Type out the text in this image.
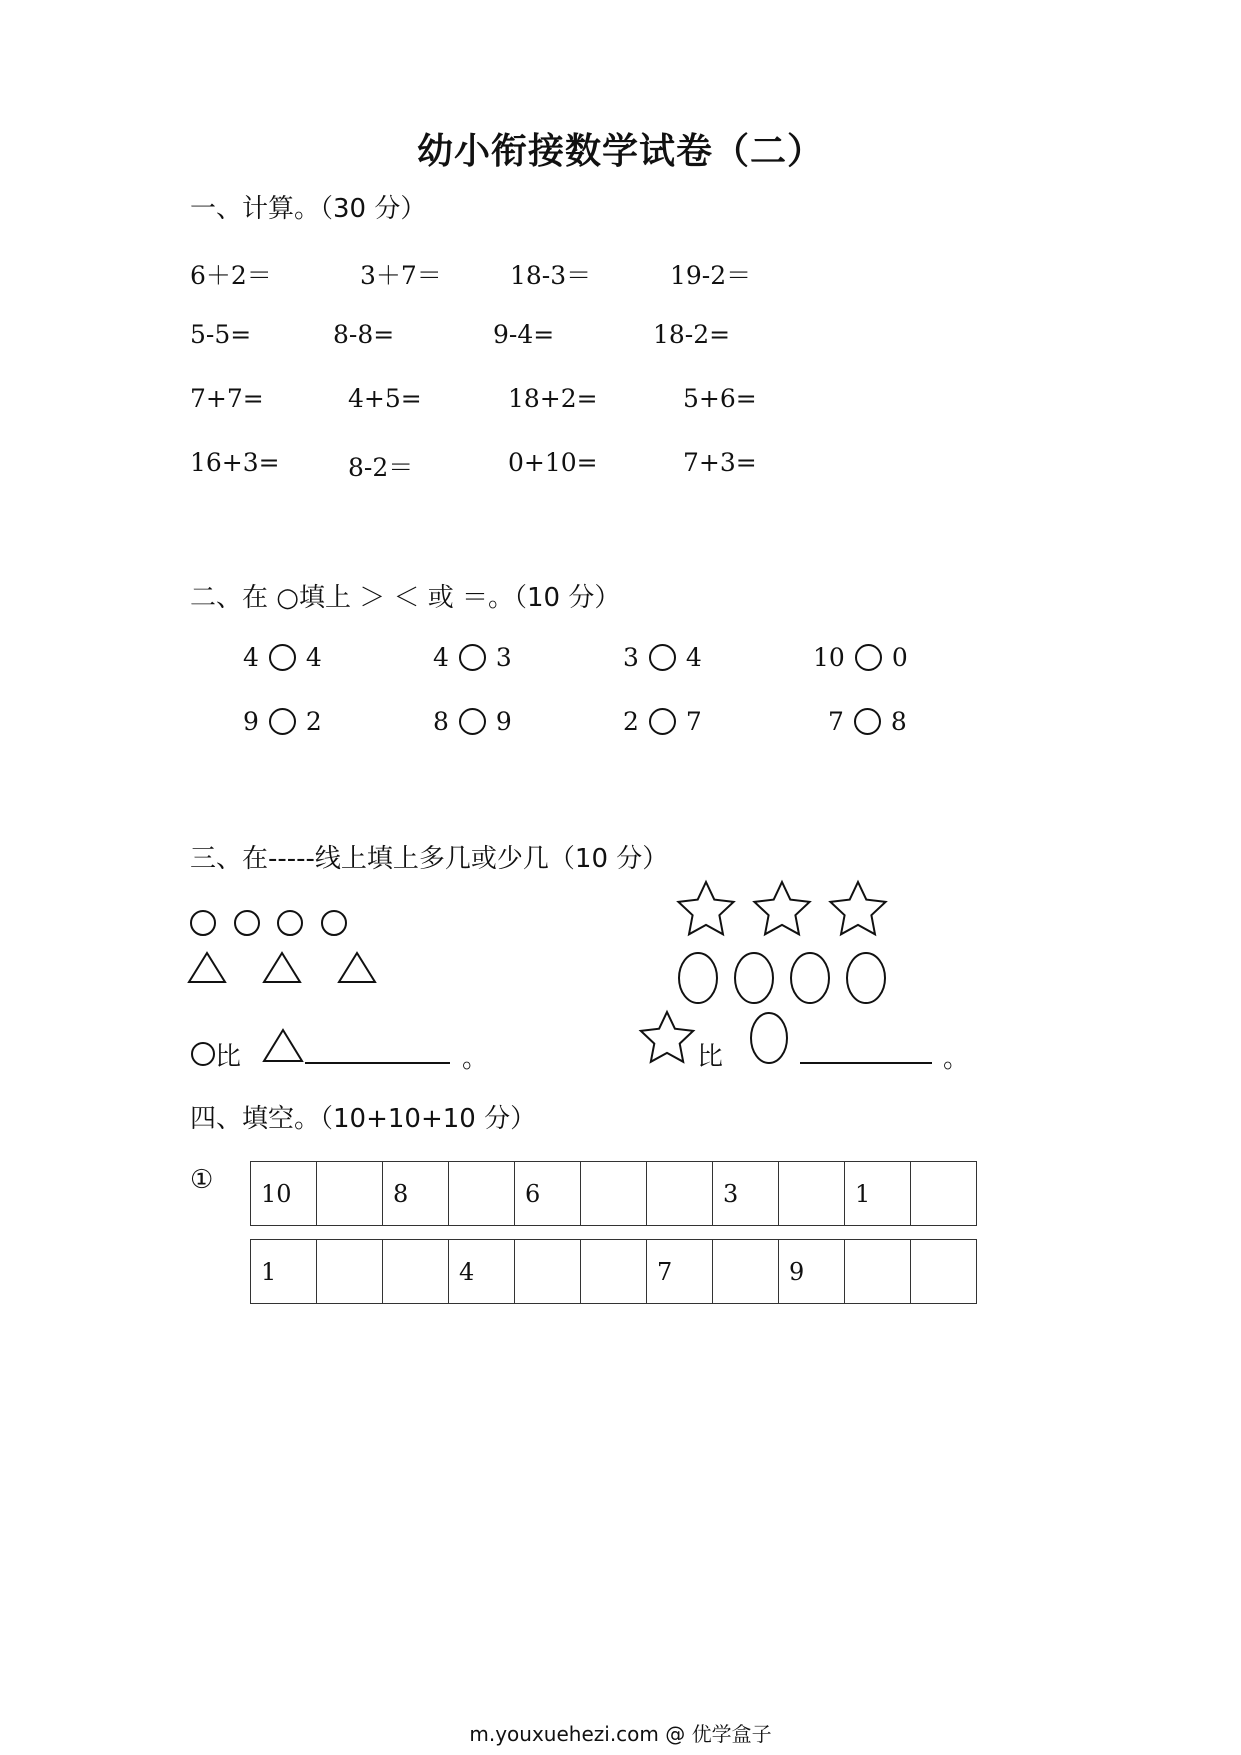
幼小衔接数学试卷（二）
一、计算。（30 分）
6＋2＝	3＋7＝	18-3＝	19-2＝
5-5=	8-8=	9-4=	18-2=
7+7=	4+5=	18+2=	5+6=
16+3=	8-2＝	0+10=	7+3=
二、在 ○填上 ＞ ＜ 或 ＝。（10 分）
4 4	4 3	3 4	10 0
9 2	8 9	2 7	7 8
三、在-----线上填上多几或少几（10 分）
比	。	比	。
四、填空。（10+10+10 分）
① 10		8		6			3		1	
1			4			7		9		
m.youxuehezi.com @ 优学盒子
